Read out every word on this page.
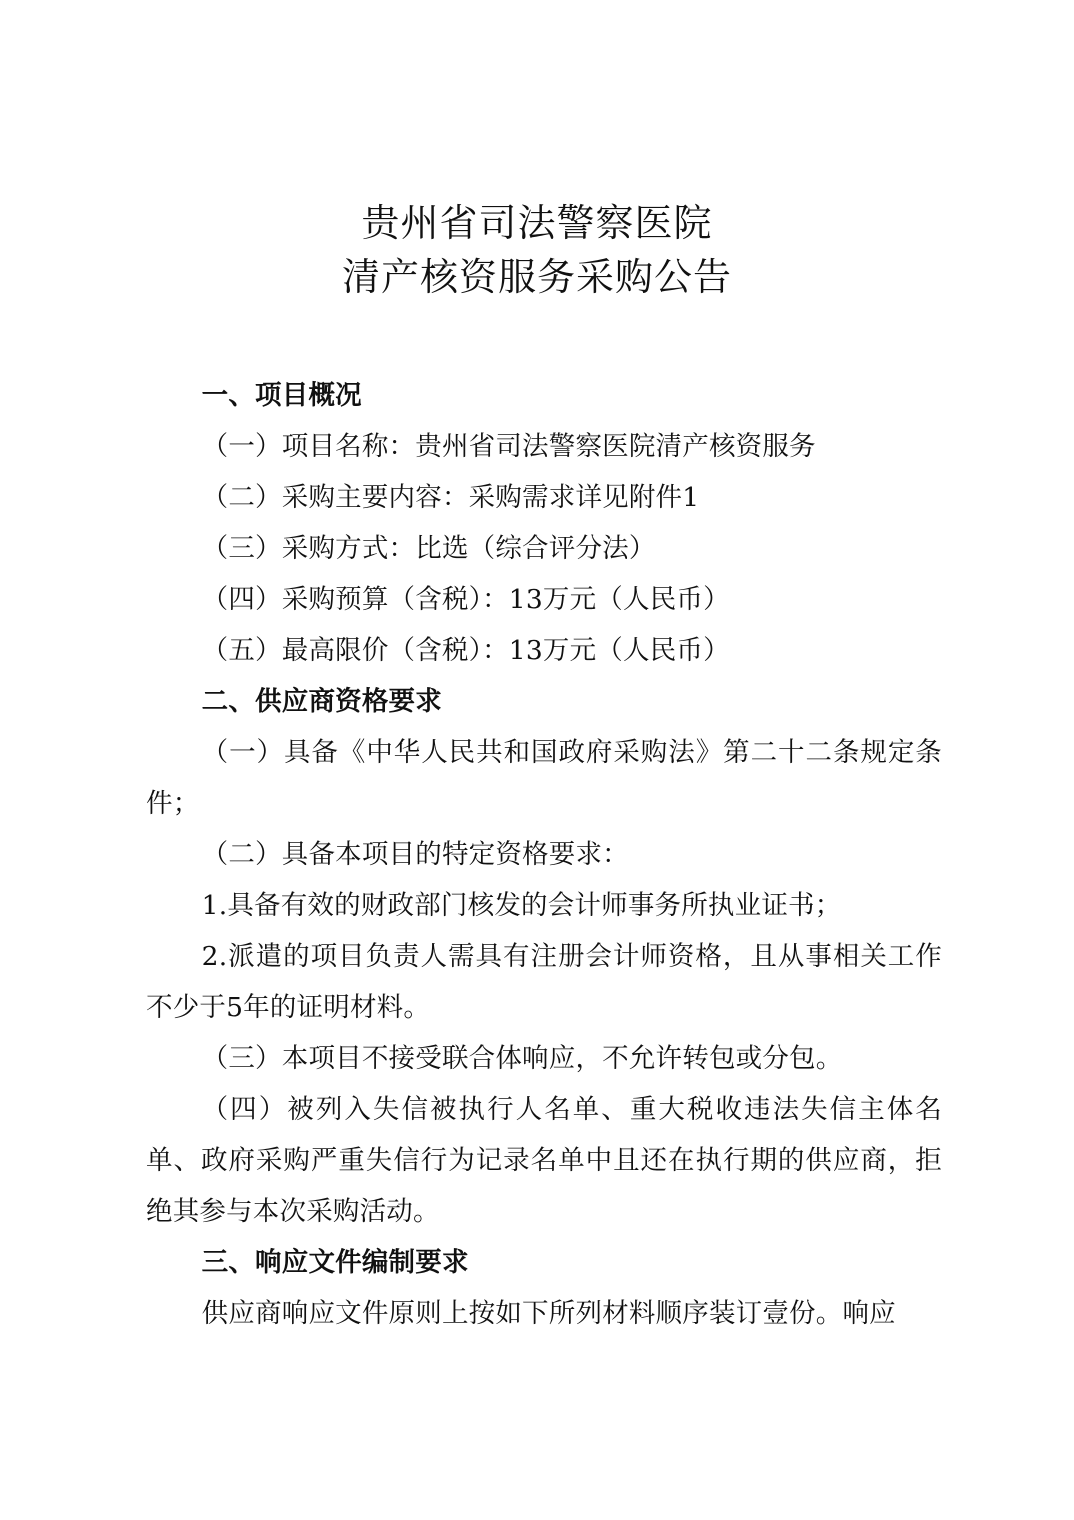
贵州省司法警察医院
清产核资服务采购公告

一、项目概况

（一）项目名称：贵州省司法警察医院清产核资服务

（二）采购主要内容：采购需求详见附件1

（三）采购方式：比选（综合评分法）

（四）采购预算（含税）：13万元（人民币）

（五）最高限价（含税）：13万元（人民币）

二、供应商资格要求

（一）具备《中华人民共和国政府采购法》第二十二条规定条件；

（二）具备本项目的特定资格要求：

1.具备有效的财政部门核发的会计师事务所执业证书；

2.派遣的项目负责人需具有注册会计师资格，且从事相关工作不少于5年的证明材料。

（三）本项目不接受联合体响应，不允许转包或分包。

（四）被列入失信被执行人名单、重大税收违法失信主体名单、政府采购严重失信行为记录名单中且还在执行期的供应商，拒绝其参与本次采购活动。

三、响应文件编制要求

供应商响应文件原则上按如下所列材料顺序装订壹份。响应
